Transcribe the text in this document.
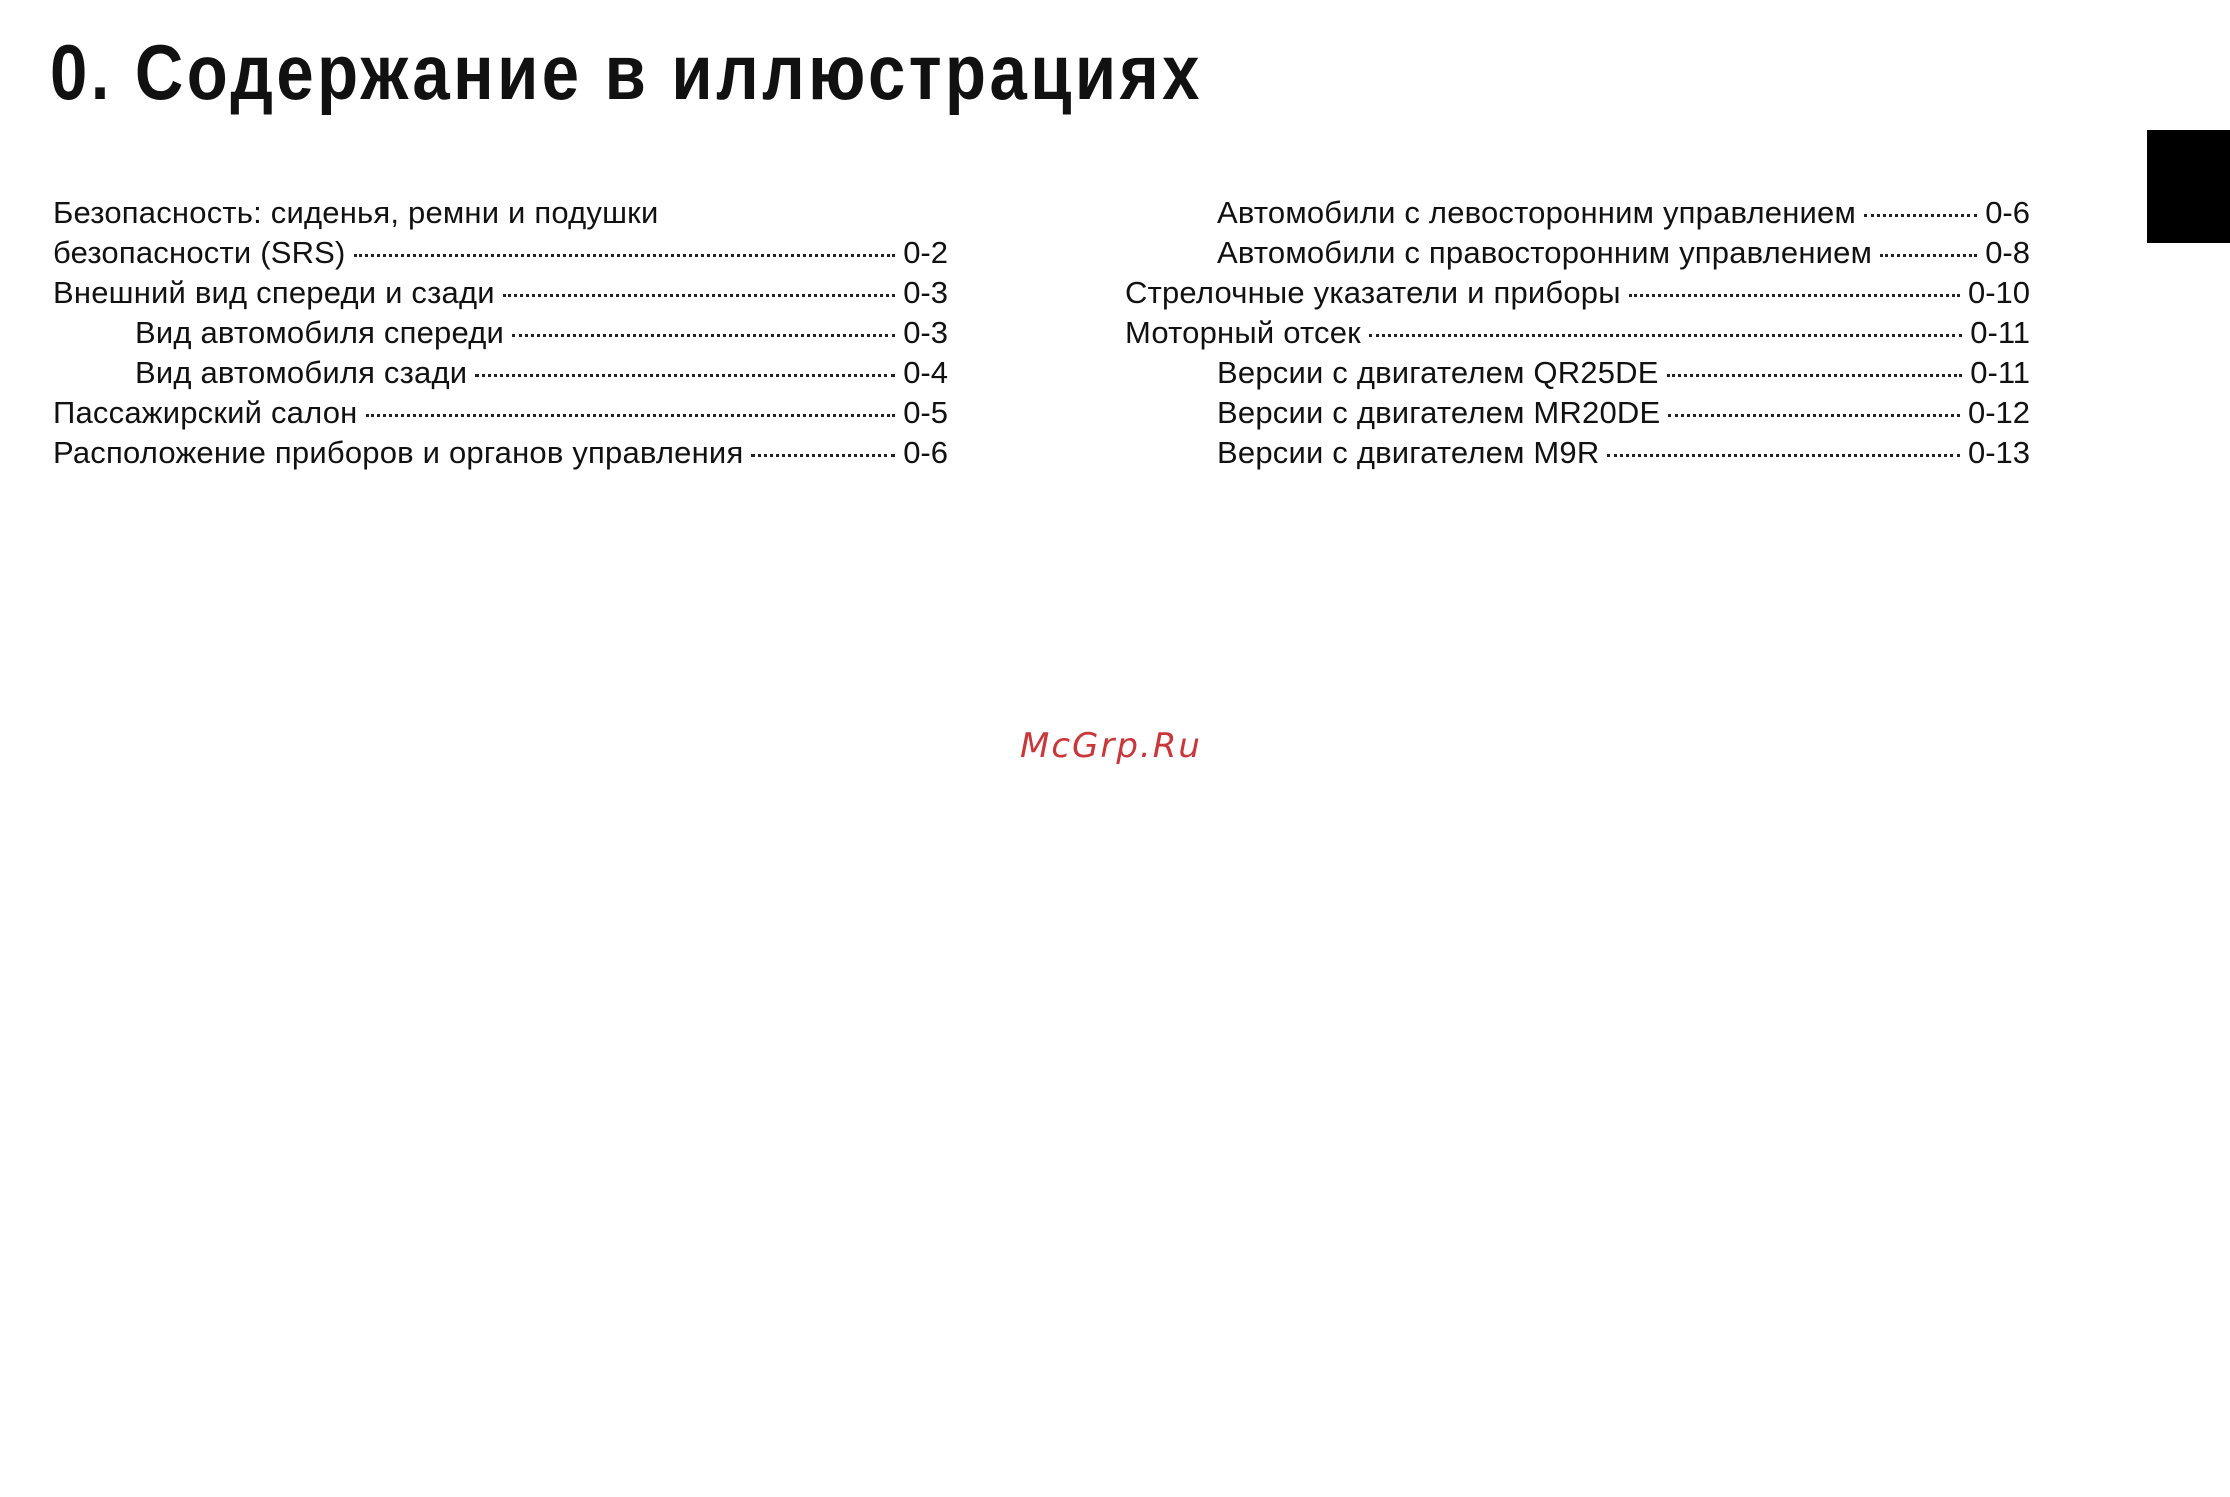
0. Содержание в иллюстрациях
Безопасность: сиденья, ремни и подушки
безопасности (SRS)	0-2
Внешний вид спереди и сзади	0-3
Вид автомобиля спереди	0-3
Вид автомобиля сзади	0-4
Пассажирский салон	0-5
Расположение приборов и органов управления	0-6
Автомобили с левосторонним управлением	0-6
Автомобили с правосторонним управлением	0-8
Стрелочные указатели и приборы	0-10
Моторный отсек	0-11
Версии с двигателем QR25DE	0-11
Версии с двигателем MR20DE	0-12
Версии с двигателем M9R	0-13
McGrp.Ru
